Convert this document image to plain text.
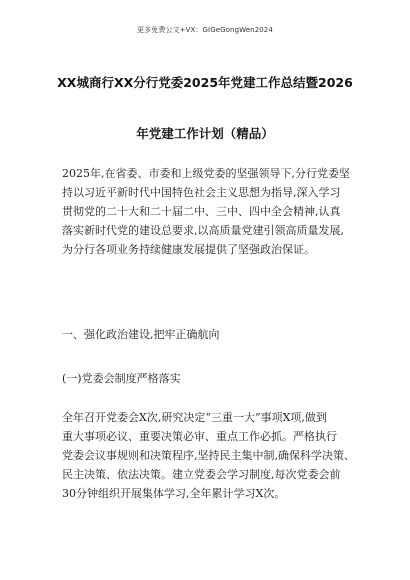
更多免费公文+VX：GIGeGongWen2024
XX城商行XX分行党委2025年党建工作总结暨2026
年党建工作计划（精品）
2025年,在省委、市委和上级党委的坚强领导下,分行党委坚
持以习近平新时代中国特色社会主义思想为指导,深入学习
贯彻党的二十大和二十届二中、三中、四中全会精神,认真
落实新时代党的建设总要求,以高质量党建引领高质量发展,
为分行各项业务持续健康发展提供了坚强政治保证。
一、强化政治建设,把牢正确航向
(一)党委会制度严格落实
全年召开党委会X次,研究决定“三重一大”事项X项,做到
重大事项必议、重要决策必审、重点工作必抓。严格执行
党委会议事规则和决策程序,坚持民主集中制,确保科学决策、
民主决策、依法决策。建立党委会学习制度,每次党委会前
30分钟组织开展集体学习,全年累计学习X次。
